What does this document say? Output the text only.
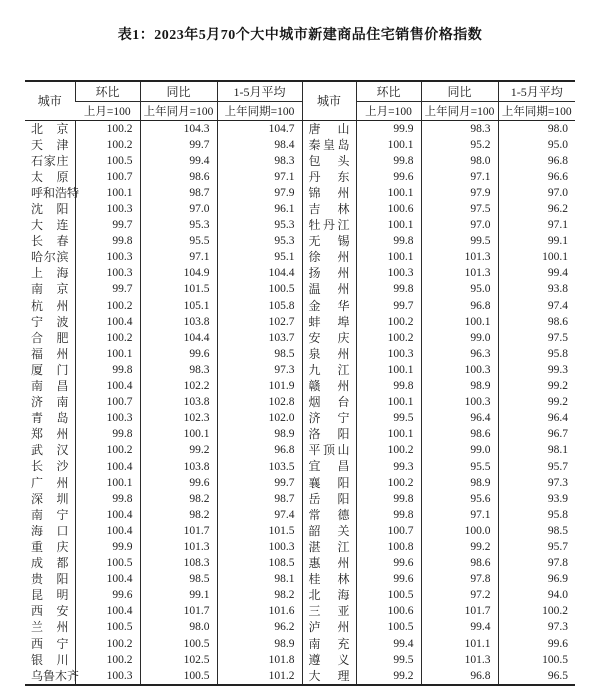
表1：2023年5月70个大中城市新建商品住宅销售价格指数
城市	环比	同比	1-5月平均	城市	环比	同比	1-5月平均
	上月=100	上年同月=100	上年同期=100		上月=100	上年同月=100	上年同期=100

北 京	100.2	104.3	104.7	唐 山	99.9	98.3	98.0

天 津	100.2	99.7	98.4	秦 皇 岛	100.1	95.2	95.0

石 家 庄	100.5	99.4	98.3	包 头	99.8	98.0	96.8

太 原	100.7	98.6	97.1	丹 东	99.6	97.1	96.6

呼 和 浩 特	100.1	98.7	97.9	锦 州	100.1	97.9	97.0

沈 阳	100.3	97.0	96.1	吉 林	100.6	97.5	96.2

大 连	99.7	95.3	95.3	牡 丹 江	100.1	97.0	97.1

长 春	99.8	95.5	95.3	无 锡	99.8	99.5	99.1

哈 尔 滨	100.3	97.1	95.1	徐 州	100.1	101.3	100.1

上 海	100.3	104.9	104.4	扬 州	100.3	101.3	99.4

南 京	99.7	101.5	100.5	温 州	99.8	95.0	93.8

杭 州	100.2	105.1	105.8	金 华	99.7	96.8	97.4

宁 波	100.4	103.8	102.7	蚌 埠	100.2	100.1	98.6

合 肥	100.2	104.4	103.7	安 庆	100.2	99.0	97.5

福 州	100.1	99.6	98.5	泉 州	100.3	96.3	95.8

厦 门	99.8	98.3	97.3	九 江	100.1	100.3	99.3

南 昌	100.4	102.2	101.9	赣 州	99.8	98.9	99.2

济 南	100.7	103.8	102.8	烟 台	100.1	100.3	99.2

青 岛	100.3	102.3	102.0	济 宁	99.5	96.4	96.4

郑 州	99.8	100.1	98.9	洛 阳	100.1	98.6	96.7

武 汉	100.2	99.2	96.8	平 顶 山	100.2	99.0	98.1

长 沙	100.4	103.8	103.5	宜 昌	99.3	95.5	95.7

广 州	100.1	99.6	99.7	襄 阳	100.2	98.9	97.3

深 圳	99.8	98.2	98.7	岳 阳	99.8	95.6	93.9

南 宁	100.4	98.2	97.4	常 德	99.8	97.1	95.8

海 口	100.4	101.7	101.5	韶 关	100.7	100.0	98.5

重 庆	99.9	101.3	100.3	湛 江	100.8	99.2	95.7

成 都	100.5	108.3	108.5	惠 州	99.6	98.6	97.8

贵 阳	100.4	98.5	98.1	桂 林	99.6	97.8	96.9

昆 明	99.6	99.1	98.2	北 海	100.5	97.2	94.0

西 安	100.4	101.7	101.6	三 亚	100.6	101.7	100.2

兰 州	100.5	98.0	96.2	泸 州	100.5	99.4	97.3

西 宁	100.2	100.5	98.9	南 充	99.4	101.1	99.6

银 川	100.2	102.5	101.8	遵 义	99.5	101.3	100.5

乌 鲁 木 齐	100.3	100.5	101.2	大 理	99.2	96.8	96.5
